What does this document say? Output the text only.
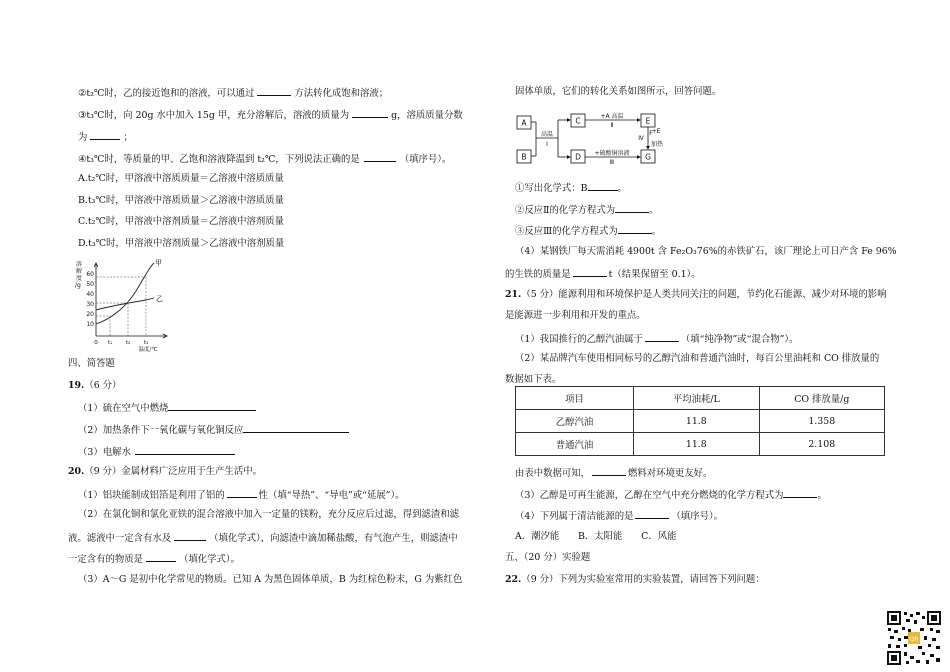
②t₂℃时，乙的接近饱和的溶液，可以通过	方法转化成饱和溶液；
③t₃℃时，向 20g 水中加入 15g 甲，充分溶解后，溶液的质量为	g，溶质质量分数
为	；
④t₃℃时，等质量的甲、乙饱和溶液降温到 t₂℃，下列说法正确的是	（填序号）。
A.t₂℃时，甲溶液中溶质质量＝乙溶液中溶质质量
B.t₃℃时，甲溶液中溶质质量＞乙溶液中溶质质量
C.t₂℃时，甲溶液中溶剂质量＝乙溶液中溶剂质量
D.t₃℃时，甲溶液中溶剂质量＞乙溶液中溶剂质量
溶
解
度
/g
60
50
40
30
20
10
甲
乙
0 t₁ t₂ t₃
温度/℃
四、简答题
19.（6 分）
（1）硫在空气中燃烧
（2）加热条件下一氧化碳与氧化铜反应
（3）电解水
20.（9 分）金属材料广泛应用于生产生活中。
（1）铝块能制成铝箔是利用了铝的	性（填“导热”、“导电”或“延展”）。
（2）在氯化铜和氯化亚铁的混合溶液中加入一定量的镁粉，充分反应后过滤，得到滤渣和滤
液。滤液中一定含有水及	（填化学式），向滤渣中滴加稀盐酸，有气泡产生，则滤渣中
一定含有的物质是	（填化学式）。
（3）A～G 是初中化学常见的物质。已知 A 为黑色固体单质，B 为红棕色粉末，G 为紫红色
固体单质，它们的转化关系如图所示，回答问题。
A
B
C
D
E
G
F
高温
Ⅰ
+A 高温
Ⅱ
+硫酸铜溶液
Ⅲ
+E
加热
Ⅳ
①写出化学式：B	。
②反应Ⅱ的化学方程式为	。
③反应Ⅲ的化学方程式为	。
（4）某钢铁厂每天需消耗 4900t 含 Fe₂O₃76%的赤铁矿石，该厂理论上可日产含 Fe 96%
的生铁的质量是	t（结果保留至 0.1）。
21.（5 分）能源利用和环境保护是人类共同关注的问题，节约化石能源、减少对环境的影响
是能源进一步利用和开发的重点。
（1）我国推行的乙醇汽油属于	（填“纯净物”或“混合物”）。
（2）某品牌汽车使用相同标号的乙醇汽油和普通汽油时，每百公里油耗和 CO 排放量的
数据如下表。
项目	平均油耗/L	CO 排放量/g
乙醇汽油	11.8	1.358
普通汽油	11.8	2.108
由表中数据可知，	燃料对环境更友好。
（3）乙醇是可再生能源，乙醇在空气中充分燃烧的化学方程式为	。
（4）下列属于清洁能源的是	（填序号）。
A．潮汐能　　B．太阳能　　C．风能
五、（20 分）实验题
22.（9 分）下列为实验室常用的实验装置，请回答下列问题：
QR
